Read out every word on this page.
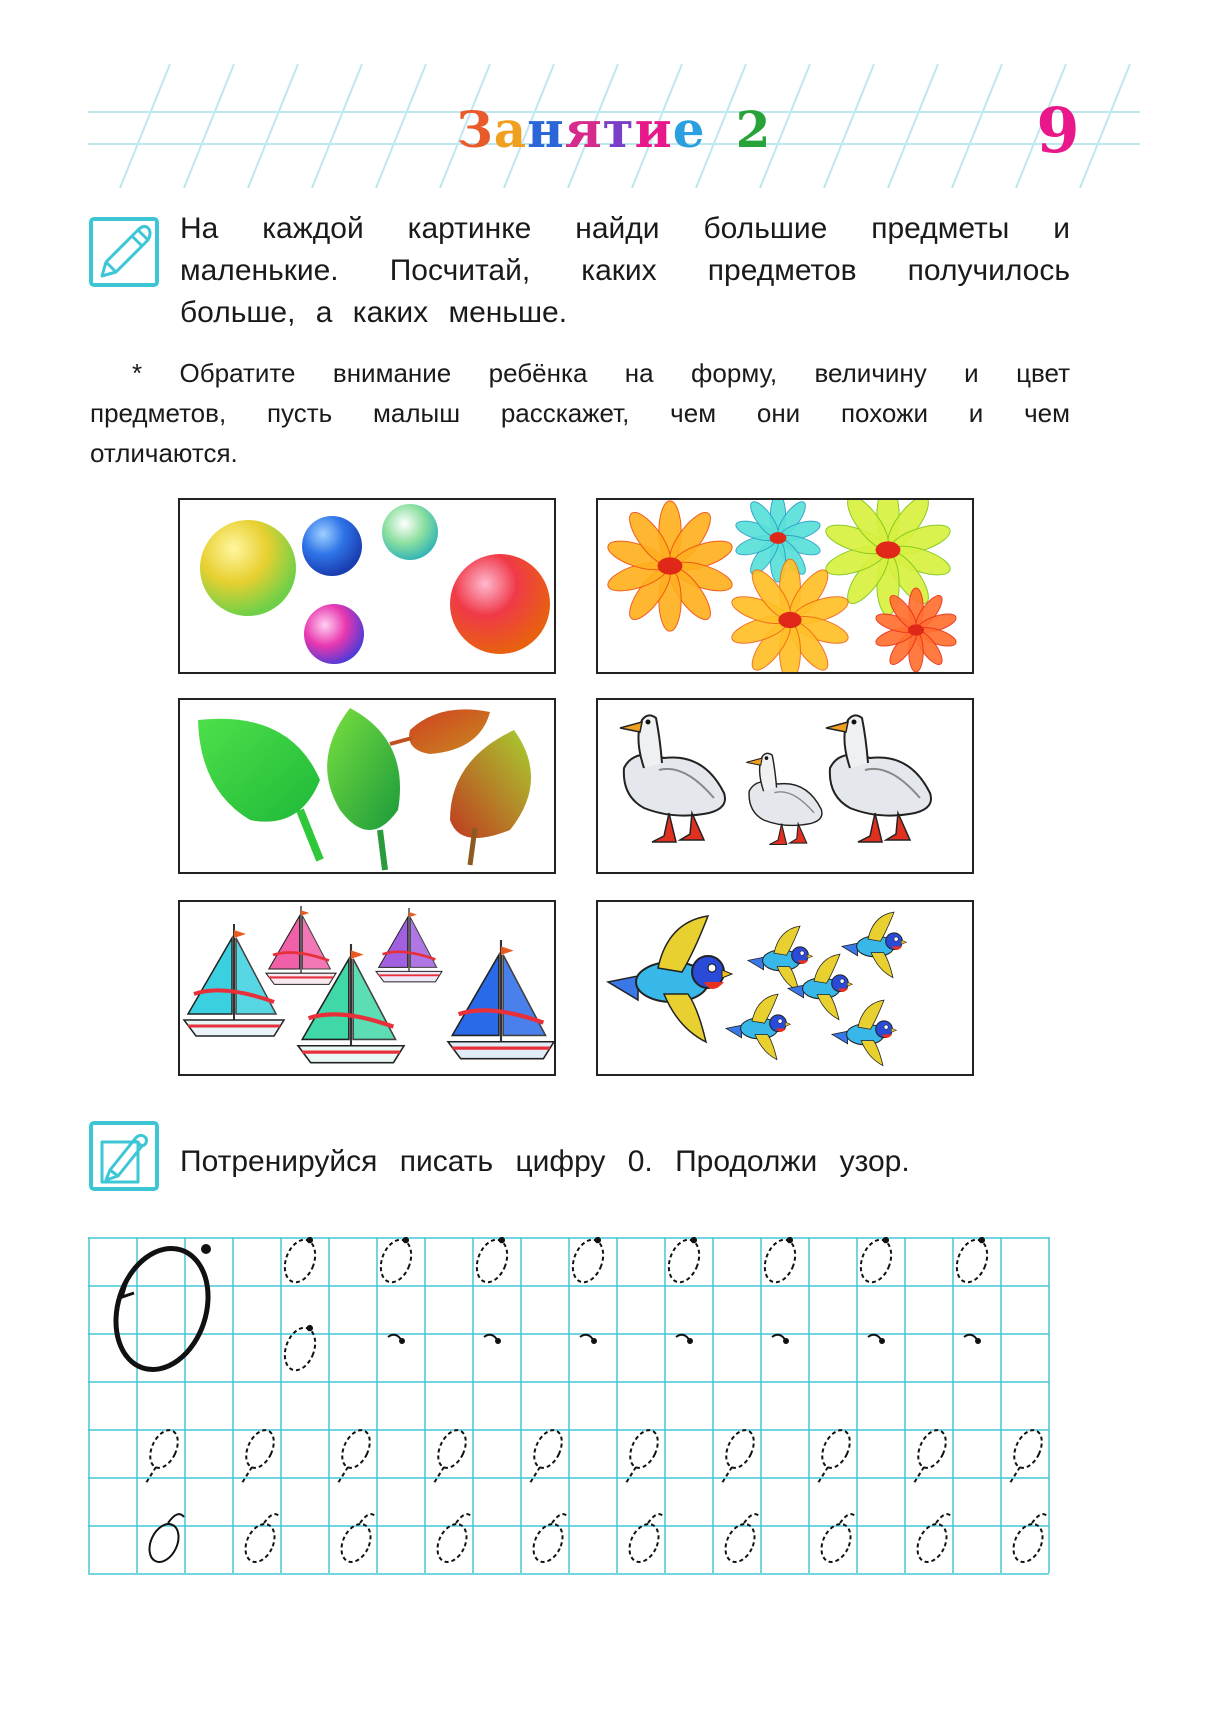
Занятие 2	9
На каждой картинке найди большие предметы и
маленькие. Посчитай, каких предметов получилось
больше, а каких меньше.
* Обратите внимание ребёнка на форму, величину и цвет
предметов, пусть малыш расскажет, чем они похожи и чем
отличаются.
Потренируйся писать цифру 0. Продолжи узор.
